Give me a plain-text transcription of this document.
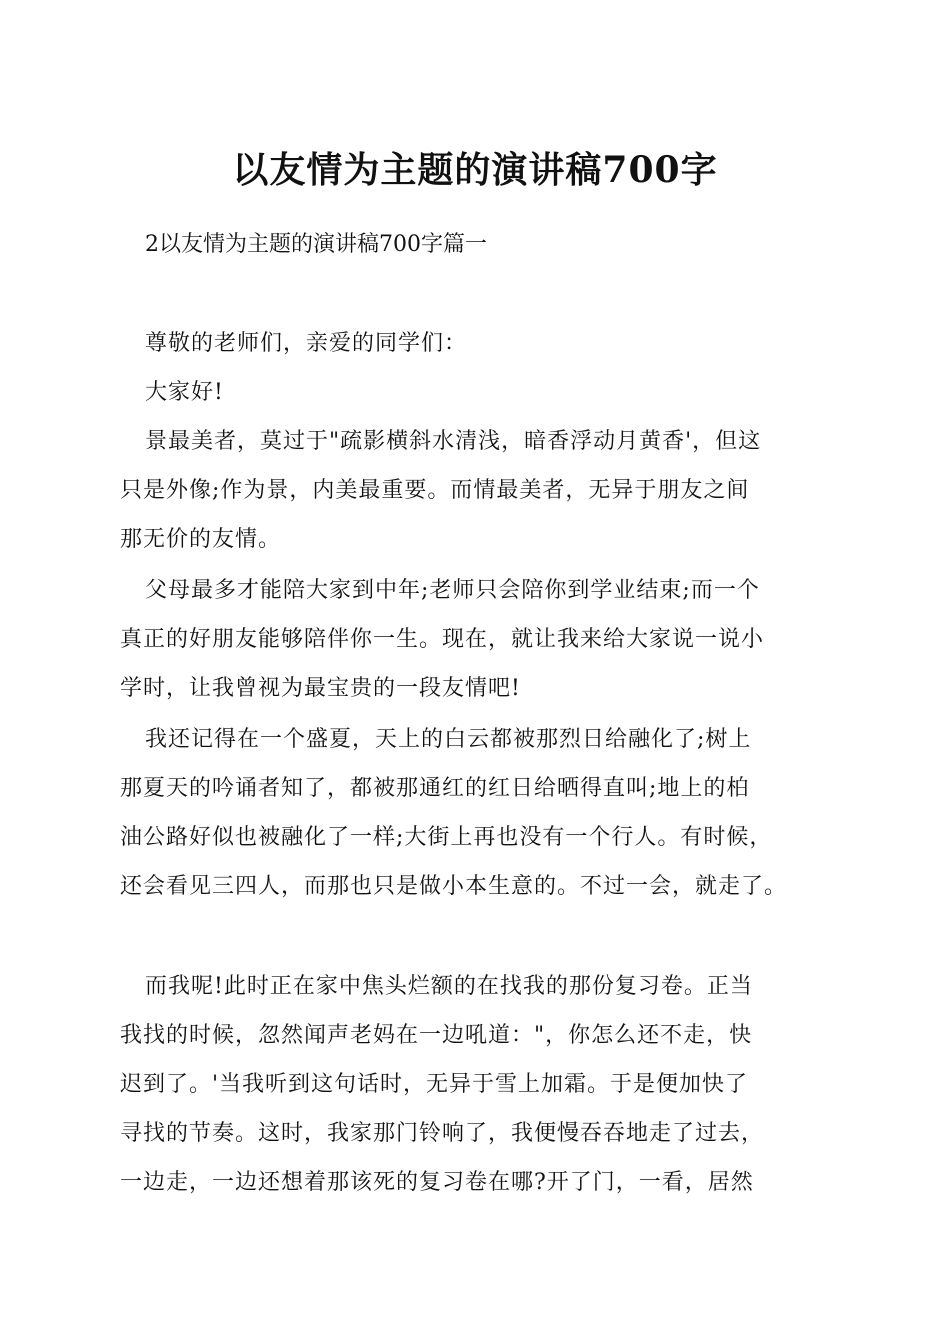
以友情为主题的演讲稿700字
2以友情为主题的演讲稿700字篇一
尊敬的老师们，亲爱的同学们：
大家好!
景最美者，莫过于"疏影横斜水清浅，暗香浮动月黄香'，但这
只是外像;作为景，内美最重要。而情最美者，无异于朋友之间
那无价的友情。
父母最多才能陪大家到中年;老师只会陪你到学业结束;而一个
真正的好朋友能够陪伴你一生。现在，就让我来给大家说一说小
学时，让我曾视为最宝贵的一段友情吧!
我还记得在一个盛夏，天上的白云都被那烈日给融化了;树上
那夏天的吟诵者知了，都被那通红的红日给晒得直叫;地上的柏
油公路好似也被融化了一样;大街上再也没有一个行人。有时候，
还会看见三四人，而那也只是做小本生意的。不过一会，就走了。
而我呢!此时正在家中焦头烂额的在找我的那份复习卷。正当
我找的时候，忽然闻声老妈在一边吼道："，你怎么还不走，快
迟到了。'当我听到这句话时，无异于雪上加霜。于是便加快了
寻找的节奏。这时，我家那门铃响了，我便慢吞吞地走了过去，
一边走，一边还想着那该死的复习卷在哪?开了门，一看，居然
